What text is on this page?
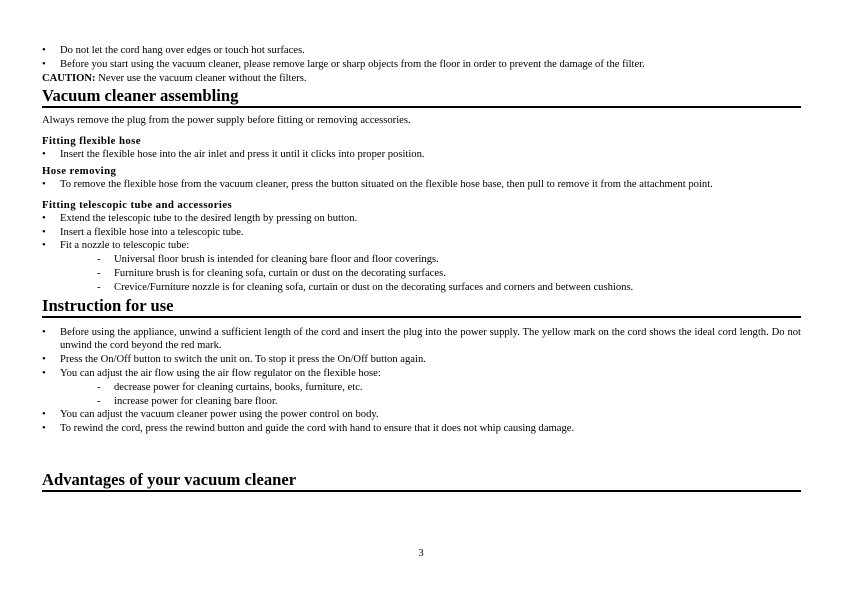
• Do not let the cord hang over edges or touch hot surfaces.
• Before you start using the vacuum cleaner, please remove large or sharp objects from the floor in order to prevent the damage of the filter.
CAUTION: Never use the vacuum cleaner without the filters.
Vacuum cleaner assembling
Always remove the plug from the power supply before fitting or removing accessories.
Fitting flexible hose
• Insert the flexible hose into the air inlet and press it until it clicks into proper position.
Hose removing
• To remove the flexible hose from the vacuum cleaner, press the button situated on the flexible hose base, then pull to remove it from the attachment point.
Fitting telescopic tube and accessories
• Extend the telescopic tube to the desired length by pressing on button.
• Insert a flexible hose into a telescopic tube.
• Fit a nozzle to telescopic tube:
- Universal floor brush is intended for cleaning bare floor and floor coverings.
- Furniture brush is for cleaning sofa, curtain or dust on the decorating surfaces.
- Crevice/Furniture nozzle is for cleaning sofa, curtain or dust on the decorating surfaces and corners and between cushions.
Instruction for use
• Before using the appliance, unwind a sufficient length of the cord and insert the plug into the power supply. The yellow mark on the cord shows the ideal cord length. Do not unwind the cord beyond the red mark.
• Press the On/Off button to switch the unit on. To stop it press the On/Off button again.
• You can adjust the air flow using the air flow regulator on the flexible hose:
- decrease power for cleaning curtains, books, furniture, etc.
- increase power for cleaning bare floor.
• You can adjust the vacuum cleaner power using the power control on body.
• To rewind the cord, press the rewind button and guide the cord with hand to ensure that it does not whip causing damage.
Advantages of your vacuum cleaner
3
